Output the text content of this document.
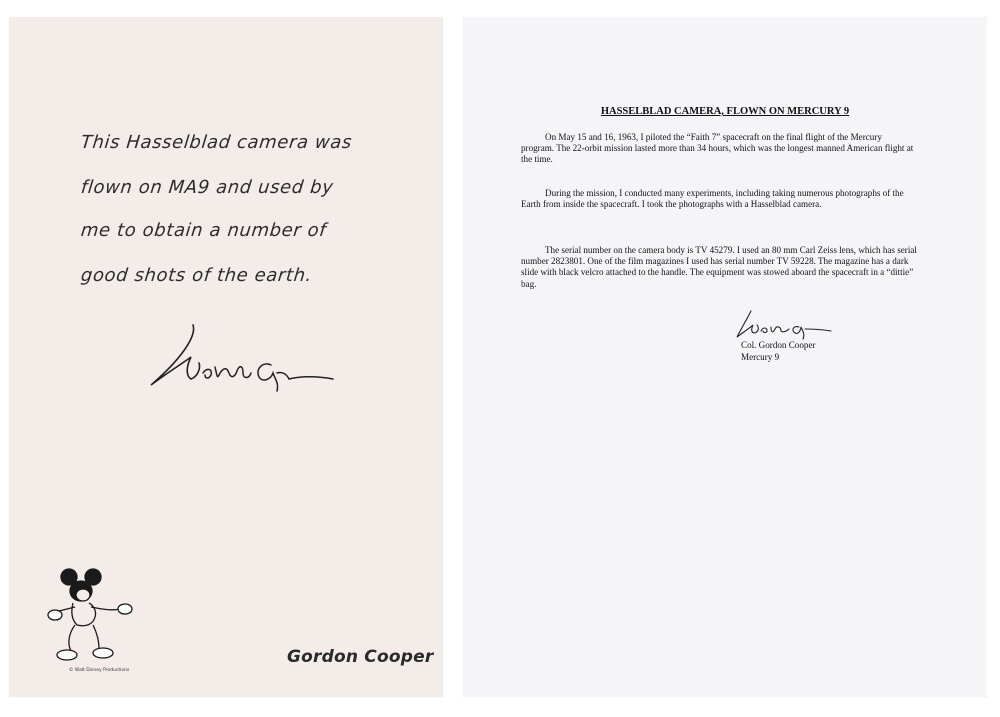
This Hasselblad camera was
flown on MA9 and used by
me to obtain a number of
good shots of the earth.
© Walt Disney Productions
Gordon Cooper
HASSELBLAD CAMERA, FLOWN ON MERCURY 9
On May 15 and 16, 1963, I piloted the “Faith 7” spacecraft on the final flight of the Mercury program. The 22-orbit mission lasted more than 34 hours, which was the longest manned American flight at the time.
During the mission, I conducted many experiments, including taking numerous photographs of the Earth from inside the spacecraft. I took the photographs with a Hasselblad camera.
The serial number on the camera body is TV 45279. I used an 80 mm Carl Zeiss lens, which has serial number 2823801. One of the film magazines I used has serial number TV 59228. The magazine has a dark slide with black velcro attached to the handle. The equipment was stowed aboard the spacecraft in a “dittie” bag.
Col. Gordon Cooper
Mercury 9
